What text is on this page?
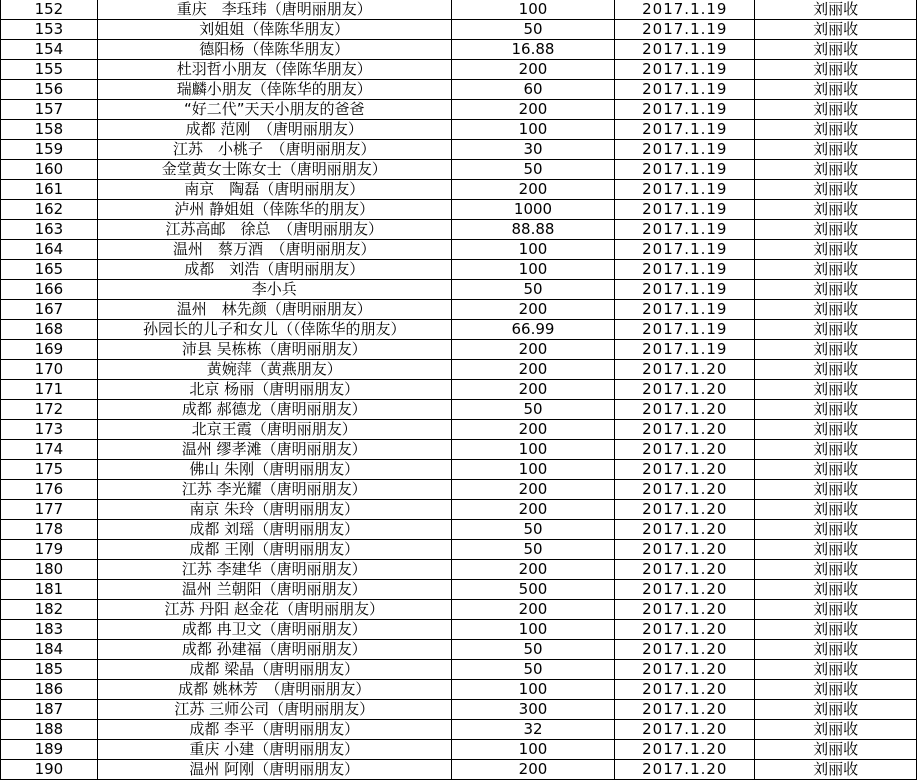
152	重庆　李珏玮（唐明丽朋友）	100	2017.1.19	刘丽收
153	刘姐姐（倖陈华朋友）	50	2017.1.19	刘丽收
154	德阳杨（倖陈华朋友）	16.88	2017.1.19	刘丽收
155	杜羽哲小朋友（倖陈华朋友）	200	2017.1.19	刘丽收
156	瑞麟小朋友（倖陈华的朋友）	60	2017.1.19	刘丽收
157	“好二代”天天小朋友的爸爸	200	2017.1.19	刘丽收
158	成都 范刚　（唐明丽朋友）	100	2017.1.19	刘丽收
159	江苏　小桃子　（唐明丽朋友）	30	2017.1.19	刘丽收
160	金堂黄女士陈女士（唐明丽朋友）	50	2017.1.19	刘丽收
161	南京　陶磊（唐明丽朋友）	200	2017.1.19	刘丽收
162	泸州 静姐姐（倖陈华的朋友）	1000	2017.1.19	刘丽收
163	江苏高邮　徐总　（唐明丽朋友）	88.88	2017.1.19	刘丽收
164	温州　蔡万酒　（唐明丽朋友）	100	2017.1.19	刘丽收
165	成都　刘浩（唐明丽朋友）	100	2017.1.19	刘丽收
166	李小兵	50	2017.1.19	刘丽收
167	温州　林先颜（唐明丽朋友）	200	2017.1.19	刘丽收
168	孙园长的儿子和女儿（（倖陈华的朋友）	66.99	2017.1.19	刘丽收
169	沛县 吴栋栋（唐明丽朋友）	200	2017.1.19	刘丽收
170	黄婉萍（黄燕朋友）	200	2017.1.20	刘丽收
171	北京 杨丽（唐明丽朋友）	200	2017.1.20	刘丽收
172	成都 郝德龙（唐明丽朋友）	50	2017.1.20	刘丽收
173	北京王霞（唐明丽朋友）	200	2017.1.20	刘丽收
174	温州 缪孝滩（唐明丽朋友）	100	2017.1.20	刘丽收
175	佛山 朱刚（唐明丽朋友）	100	2017.1.20	刘丽收
176	江苏 李光耀（唐明丽朋友）	200	2017.1.20	刘丽收
177	南京 朱玲（唐明丽朋友）	200	2017.1.20	刘丽收
178	成都 刘瑶（唐明丽朋友）	50	2017.1.20	刘丽收
179	成都 王刚（唐明丽朋友）	50	2017.1.20	刘丽收
180	江苏 李建华（唐明丽朋友）	200	2017.1.20	刘丽收
181	温州 兰朝阳（唐明丽朋友）	500	2017.1.20	刘丽收
182	江苏 丹阳 赵金花（唐明丽朋友）	200	2017.1.20	刘丽收
183	成都 冉卫文（唐明丽朋友）	100	2017.1.20	刘丽收
184	成都 孙建福（唐明丽朋友）	50	2017.1.20	刘丽收
185	成都 梁晶（唐明丽朋友）	50	2017.1.20	刘丽收
186	成都 姚林芳　（唐明丽朋友）	100	2017.1.20	刘丽收
187	江苏 三师公司（唐明丽朋友）	300	2017.1.20	刘丽收
188	成都 李平（唐明丽朋友）	32	2017.1.20	刘丽收
189	重庆 小建（唐明丽朋友）	100	2017.1.20	刘丽收
190	温州 阿刚（唐明丽朋友）	200	2017.1.20	刘丽收
